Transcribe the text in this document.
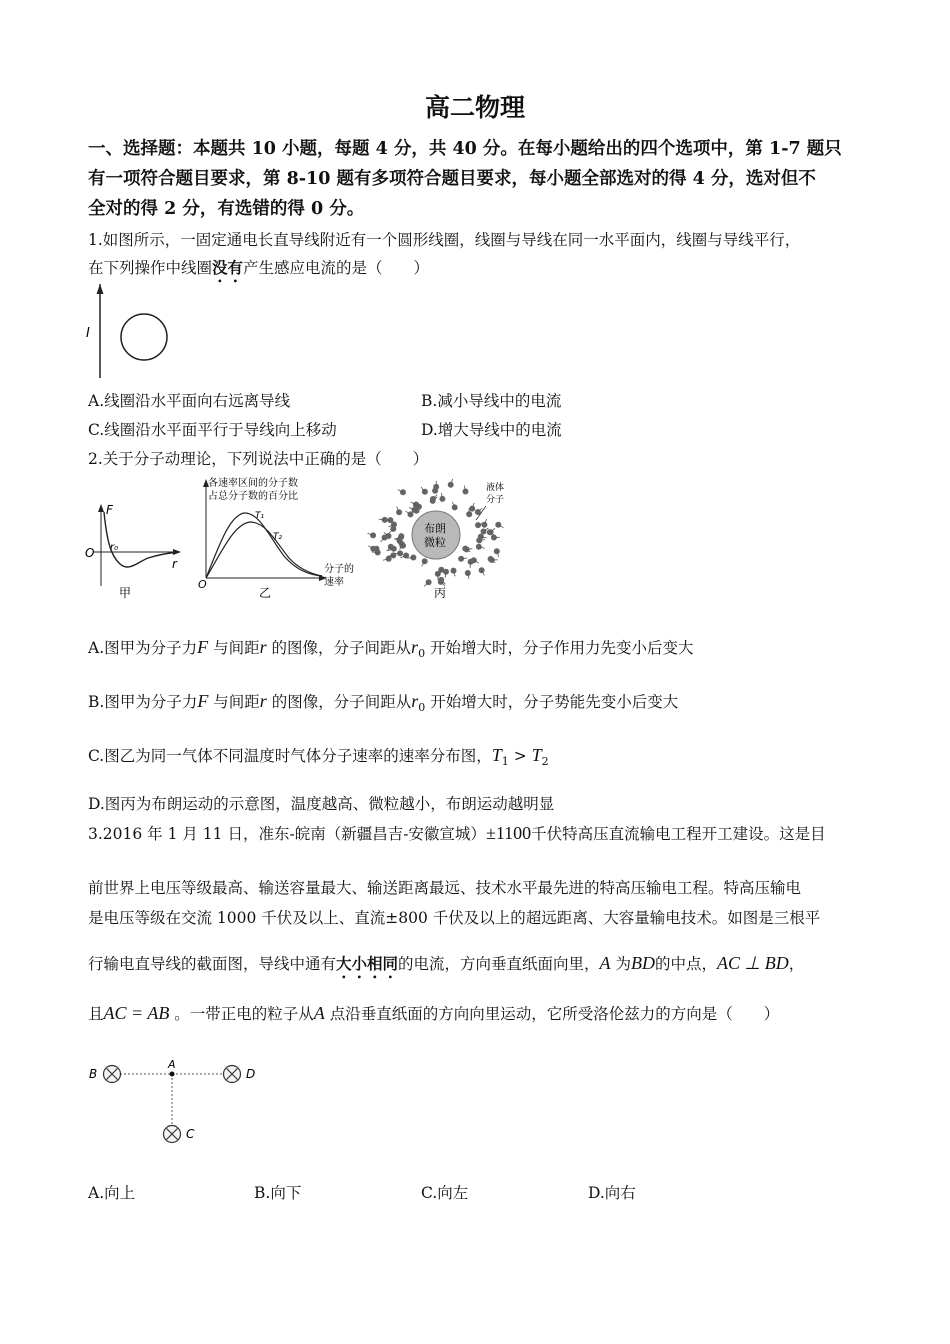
高二物理
一、选择题：本题共 10 小题，每题 4 分，共 40 分。在每小题给出的四个选项中，第 1-7 题只
有一项符合题目要求，第 8-10 题有多项符合题目要求，每小题全部选对的得 4 分，选对但不
全对的得 2 分，有选错的得 0 分。
1.如图所示，一固定通电长直导线附近有一个圆形线圈，线圈与导线在同一水平面内，线圈与导线平行，
在下列操作中线圈没有产生感应电流的是（　　）
I
A.线圈沿水平面向右远离导线	B.减小导线中的电流
C.线圈沿水平面平行于导线向上移动	D.增大导线中的电流
2.关于分子动理论，下列说法中正确的是（　　）
F
O r₀
r
甲
各速率区间的分子数
占总分子数的百分比
T₁
T₂
O
分子的
速率
乙
布朗
微粒
液体
分子
丙
A.图甲为分子力F 与间距r 的图像，分子间距从$r_0$ 开始增大时，分子作用力先变小后变大
B.图甲为分子力F 与间距r 的图像，分子间距从$r_0$ 开始增大时，分子势能先变小后变大
C.图乙为同一气体不同温度时气体分子速率的速率分布图，$T_1 > T_2$
D.图丙为布朗运动的示意图，温度越高、微粒越小，布朗运动越明显
3.2016 年 1 月 11 日，准东-皖南（新疆昌吉-安徽宣城）±1100千伏特高压直流输电工程开工建设。这是目
前世界上电压等级最高、输送容量最大、输送距离最远、技术水平最先进的特高压输电工程。特高压输电
是电压等级在交流 1000 千伏及以上、直流±800 千伏及以上的超远距离、大容量输电技术。如图是三根平
行输电直导线的截面图，导线中通有大小相同的电流，方向垂直纸面向里，A 为BD的中点，AC ⊥ BD，
且AC = AB 。一带正电的粒子从A 点沿垂直纸面的方向向里运动，它所受洛伦兹力的方向是（　　）
B
A
D
C
A.向上	B.向下	C.向左	D.向右
